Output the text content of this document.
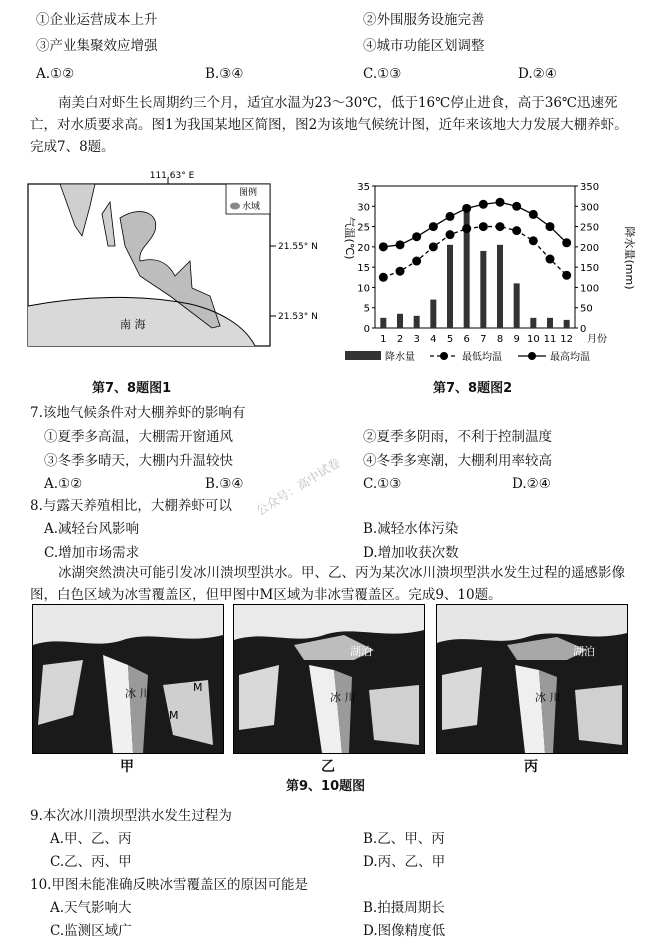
①企业运营成本上升	②外围服务设施完善
③产业集聚效应增强	④城市功能区划调整
A.①②	B.③④	C.①③	D.②④
南美白对虾生长周期约三个月，适宜水温为23～30℃，低于16℃停止进食，高于36℃迅速死亡，对水质要求高。图1为我国某地区简图，图2为该地气候统计图，近年来该地大力发展大棚养虾。完成7、8题。
图例
水域
111.63° E
21.55° N
21.53° N
南 海
第7、8题图1
35
30
25
20
15
10
5
0
350
300
250
200
150
100
50
0
1 2 3 4 5 6 7 8 9 10 11 12 月份
气温(℃)	降水量(mm)
降水量	最低均温	最高均温
第7、8题图2
7.该地气候条件对大棚养虾的影响有
①夏季多高温，大棚需开窗通风	②夏季多阴雨，不利于控制温度
③冬季多晴天，大棚内升温较快	④冬季多寒潮，大棚利用率较高
A.①②	B.③④	C.①③	D.②④
公众号：高中试卷
8.与露天养殖相比，大棚养虾可以
A.减轻台风影响	B.减轻水体污染
C.增加市场需求	D.增加收获次数
冰湖突然溃决可能引发冰川溃坝型洪水。甲、乙、丙为某次冰川溃坝型洪水发生过程的遥感影像图，白色区域为冰雪覆盖区，但甲图中M区域为非冰雪覆盖区。完成9、10题。
冰 川	M
M
湖泊
冰 川
湖泊
冰 川
甲	乙	丙
第9、10题图
9.本次冰川溃坝型洪水发生过程为
A.甲、乙、丙	B.乙、甲、丙
C.乙、丙、甲	D.丙、乙、甲
10.甲图未能准确反映冰雪覆盖区的原因可能是
A.天气影响大	B.拍摄周期长
C.监测区域广	D.图像精度低
